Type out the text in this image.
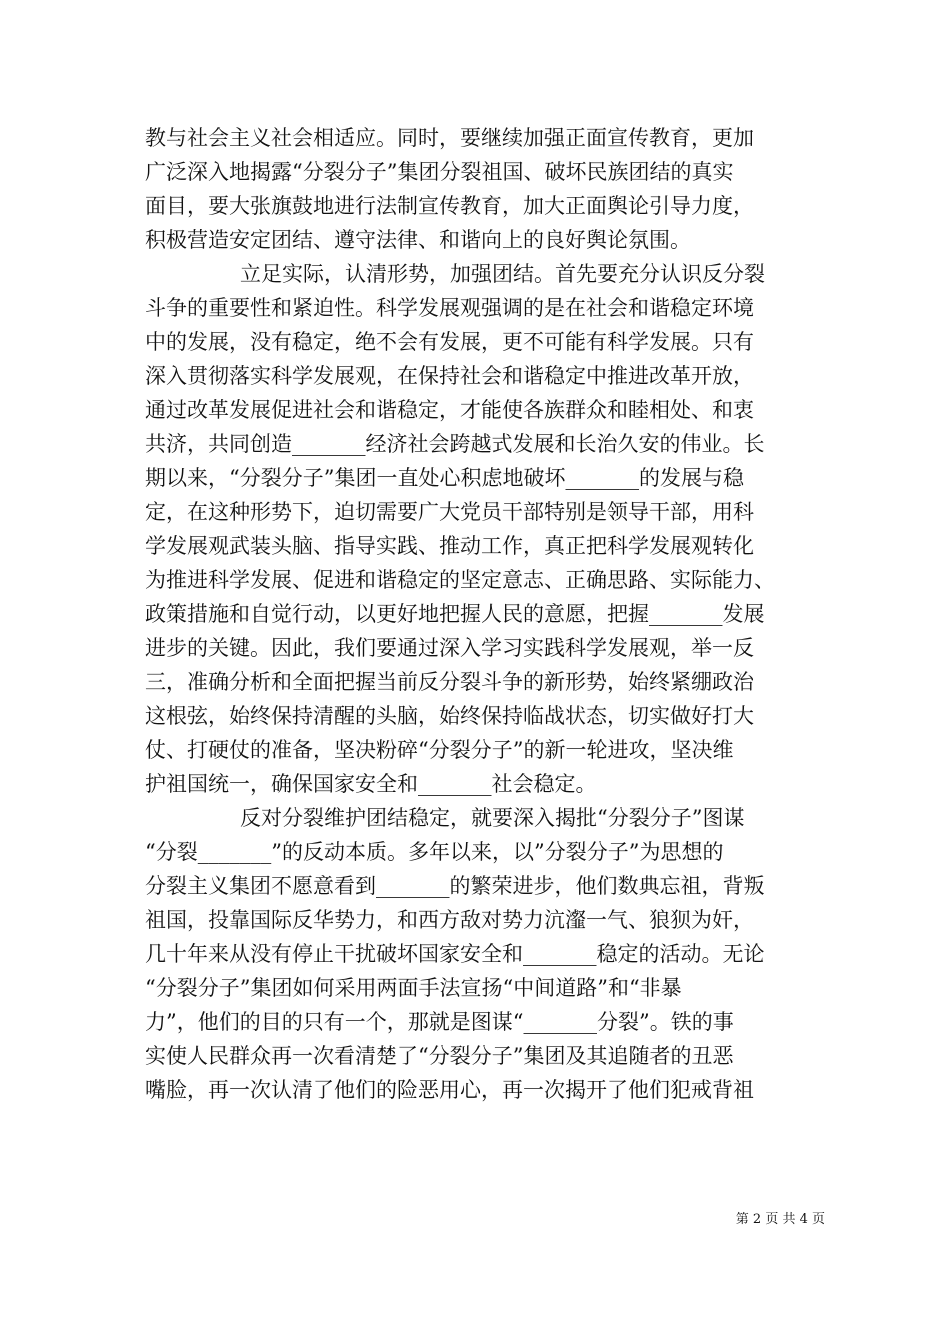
教与社会主义社会相适应。同时，要继续加强正面宣传教育，更加
广泛深入地揭露“分裂分子”集团分裂祖国、破坏民族团结的真实
面目，要大张旗鼓地进行法制宣传教育，加大正面舆论引导力度，
积极营造安定团结、遵守法律、和谐向上的良好舆论氛围。
立足实际，认清形势，加强团结。首先要充分认识反分裂
斗争的重要性和紧迫性。科学发展观强调的是在社会和谐稳定环境
中的发展，没有稳定，绝不会有发展，更不可能有科学发展。只有
深入贯彻落实科学发展观，在保持社会和谐稳定中推进改革开放，
通过改革发展促进社会和谐稳定，才能使各族群众和睦相处、和衷
共济，共同创造_______经济社会跨越式发展和长治久安的伟业。长
期以来，“分裂分子”集团一直处心积虑地破坏_______的发展与稳
定，在这种形势下，迫切需要广大党员干部特别是领导干部，用科
学发展观武装头脑、指导实践、推动工作，真正把科学发展观转化
为推进科学发展、促进和谐稳定的坚定意志、正确思路、实际能力、
政策措施和自觉行动，以更好地把握人民的意愿，把握_______发展
进步的关键。因此，我们要通过深入学习实践科学发展观，举一反
三，准确分析和全面把握当前反分裂斗争的新形势，始终紧绷政治
这根弦，始终保持清醒的头脑，始终保持临战状态，切实做好打大
仗、打硬仗的准备，坚决粉碎“分裂分子”的新一轮进攻，坚决维
护祖国统一，确保国家安全和_______社会稳定。
反对分裂维护团结稳定，就要深入揭批“分裂分子”图谋
“分裂_______”的反动本质。多年以来，以”分裂分子”为思想的
分裂主义集团不愿意看到_______的繁荣进步，他们数典忘祖，背叛
祖国，投靠国际反华势力，和西方敌对势力沆瀣一气、狼狈为奸，
几十年来从没有停止干扰破坏国家安全和_______稳定的活动。无论
“分裂分子”集团如何采用两面手法宣扬“中间道路”和“非暴
力”，他们的目的只有一个，那就是图谋“_______分裂”。铁的事
实使人民群众再一次看清楚了“分裂分子”集团及其追随者的丑恶
嘴脸，再一次认清了他们的险恶用心，再一次揭开了他们犯戒背祖
第 2 页 共 4 页
